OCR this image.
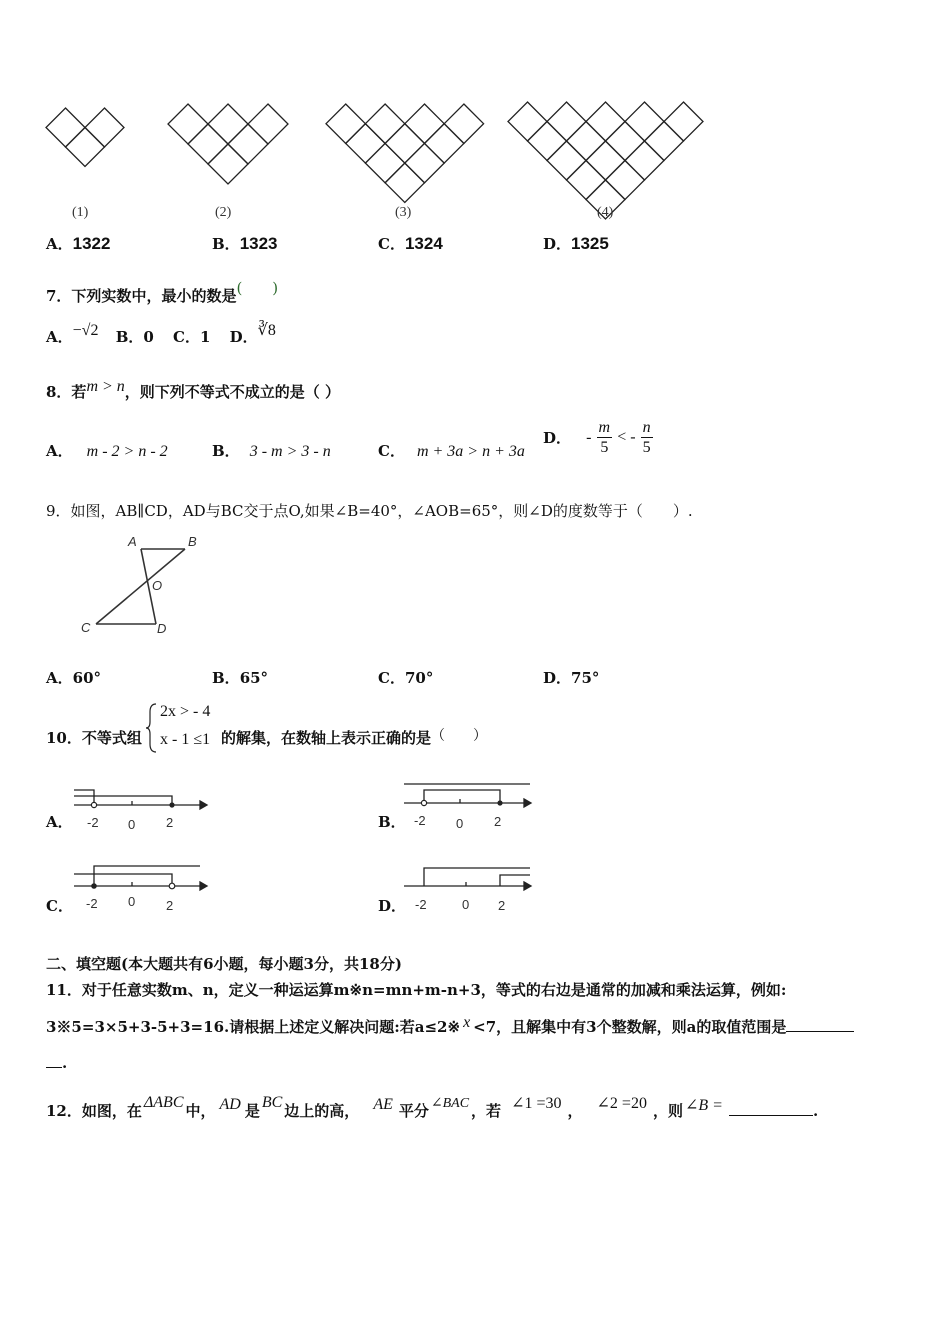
(1)	(2)	(3)	(4)
A．1322	B．1323	C．1324	D．1325
7．下列实数中，最小的数是(　　)
A．−√2 B．0 C．1 D．∛8
8．若m > n，则下列不等式不成立的是（ ）
A． m - 2 > n - 2	B． 3 - m > 3 - n	C． m + 3a > n + 3a
D． - $\frac{m}{5}$ < - $\frac{n}{5}$
9．如图，AB∥CD，AD与BC交于点O,如果∠B=40°，∠AOB=65°，则∠D的度数等于（　　）.
A	B
O
C	D
A．60°	B．65°	C．70°	D．75°
10．不等式组
2x > - 4
x - 1 ≤1 的解集，在数轴上表示正确的是（　　）
A． -2 0 2	B． -2 0 2
C． -2 0 2	D． -2	0 2
二、填空题(本大题共有6小题，每小题3分，共18分)
11．对于任意实数m、n，定义一种运运算m※n=mn+m-n+3，等式的右边是通常的加减和乘法运算，例如:
3※5=3×5+3-5+3=16.请根据上述定义解决问题:若a≤2※ x <7，且解集中有3个整数解，则a的取值范围是
.
12．如图，在 ΔABC 中， AD 是 BC 边上的高， AE 平分 ∠BAC ，若 ∠1 =30 ， ∠2 =20 ，则 ∠B =	.
